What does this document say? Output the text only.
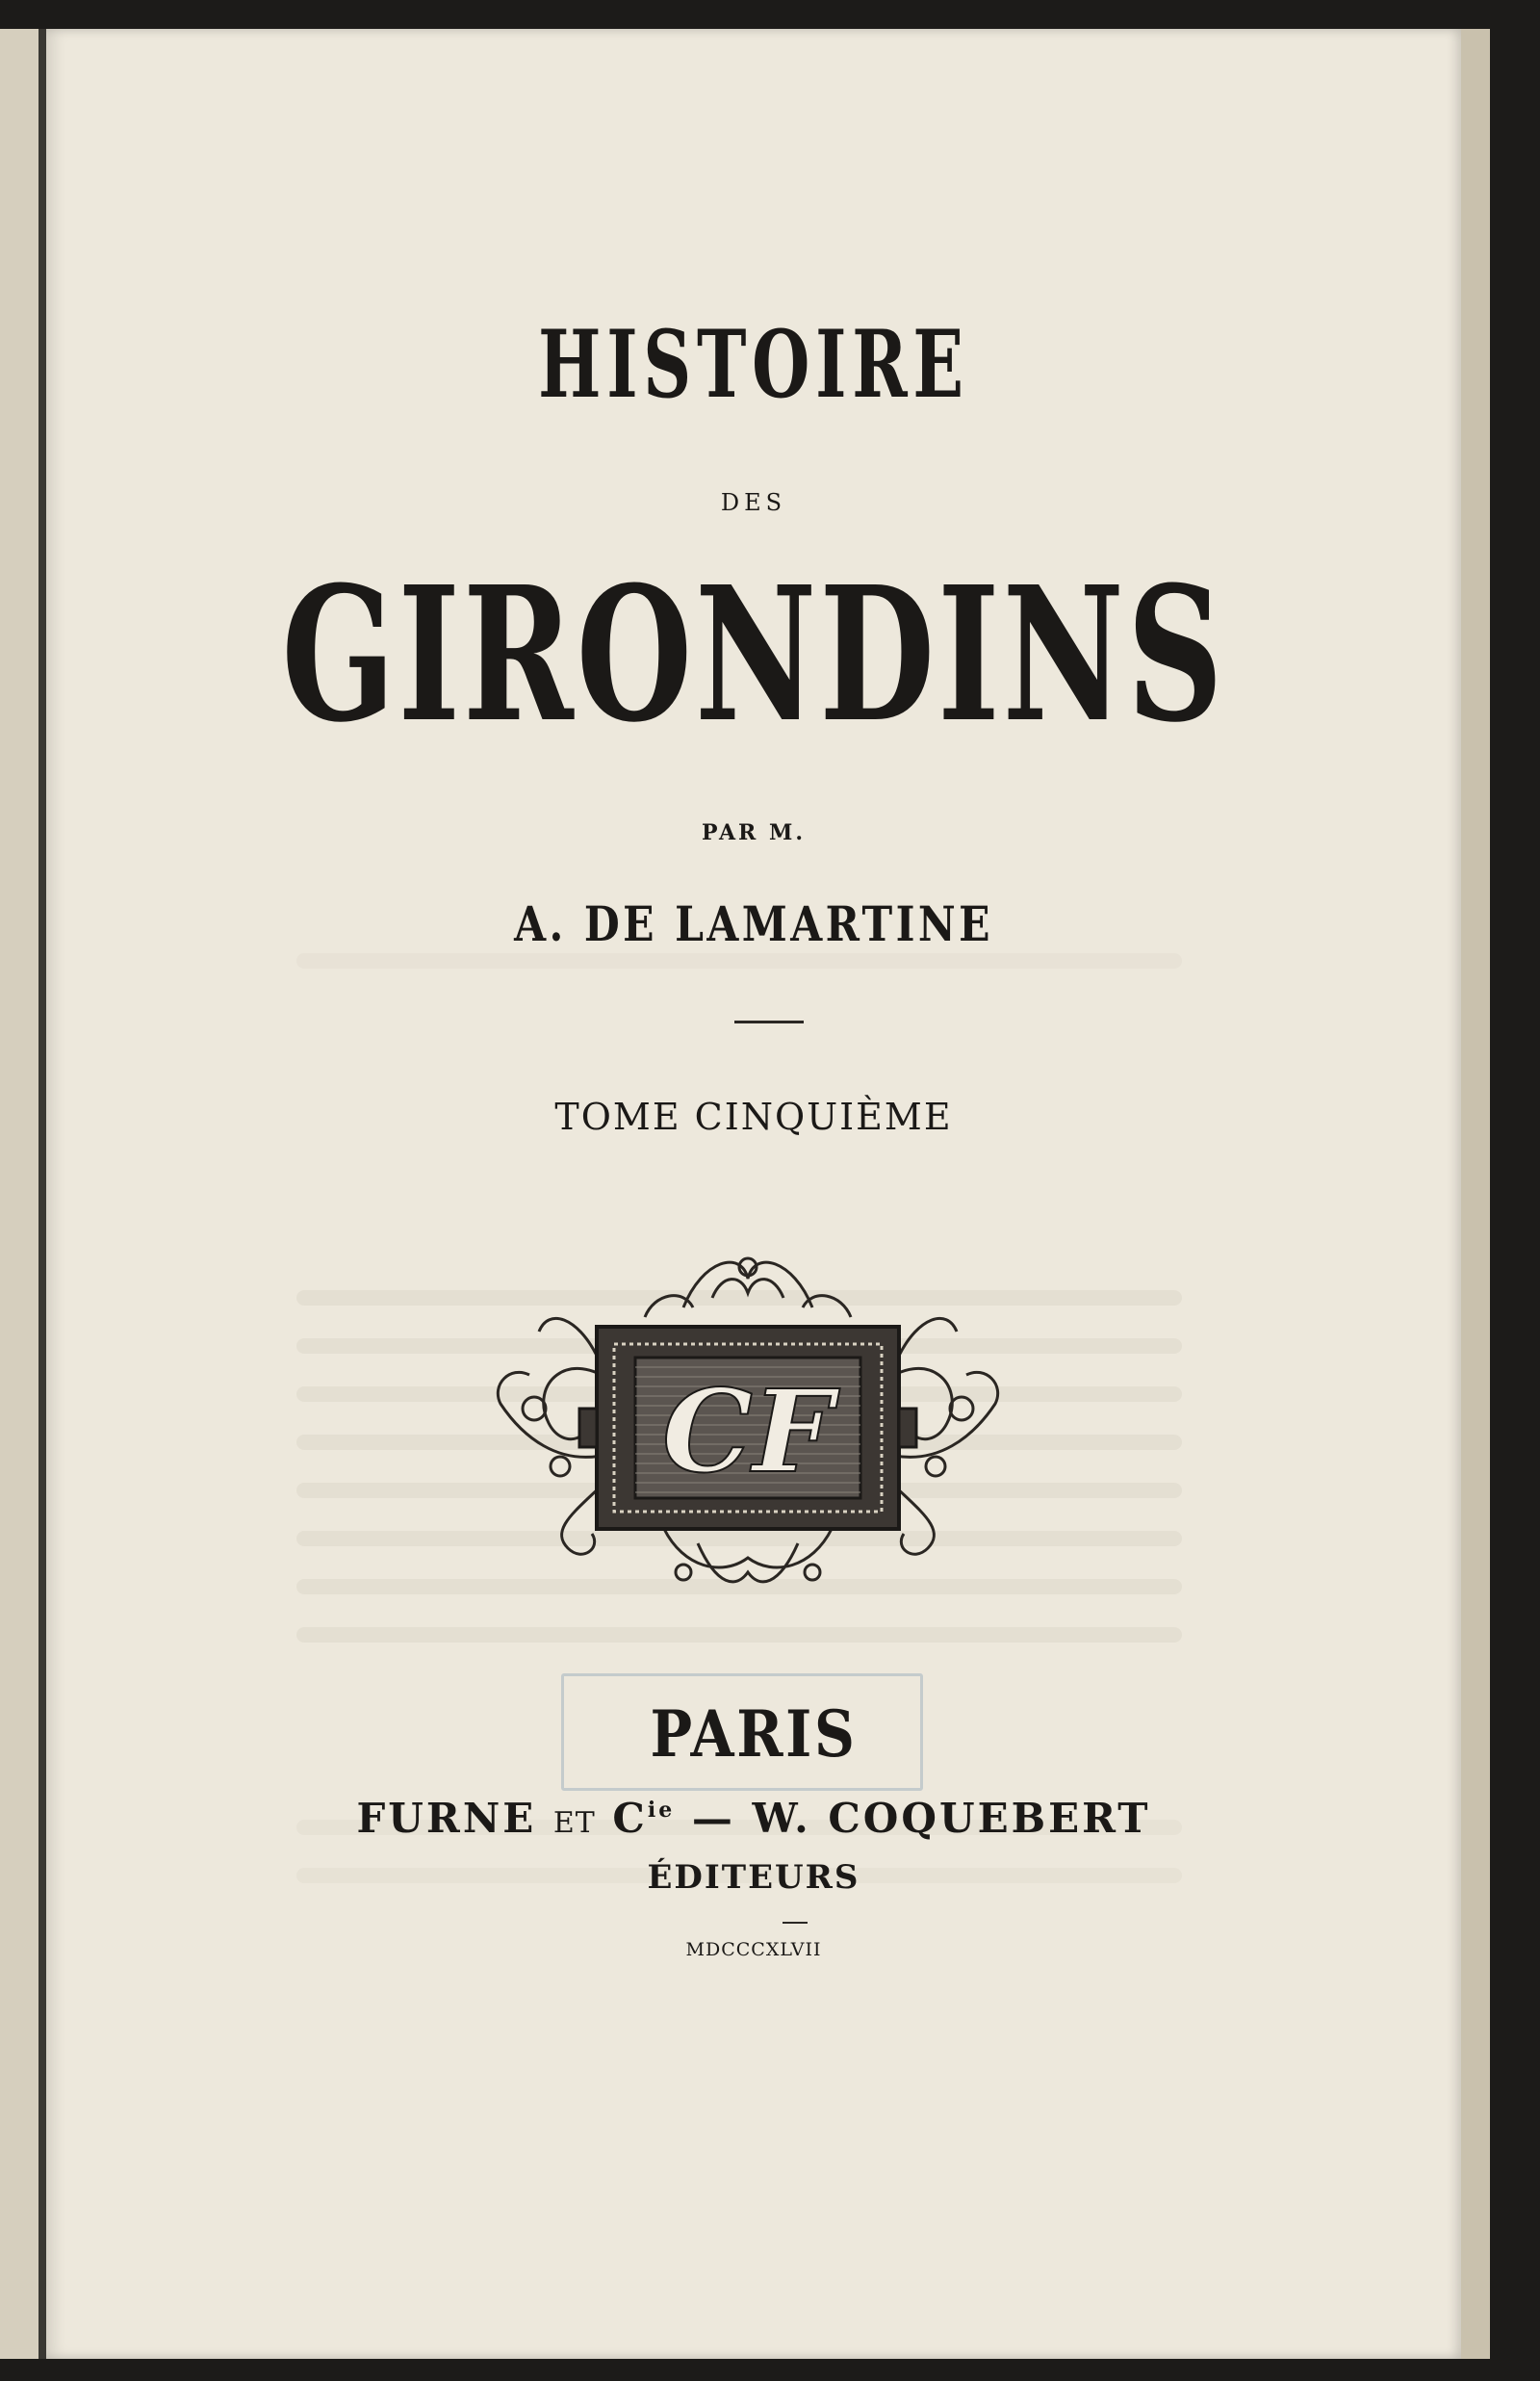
HISTOIRE
DES
GIRONDINS
PAR M.
A. DE LAMARTINE
TOME CINQUIÈME
CF
PARIS
FURNE ET $C^{ie}$ — W. COQUEBERT
ÉDITEURS
MDCCCXLVII
